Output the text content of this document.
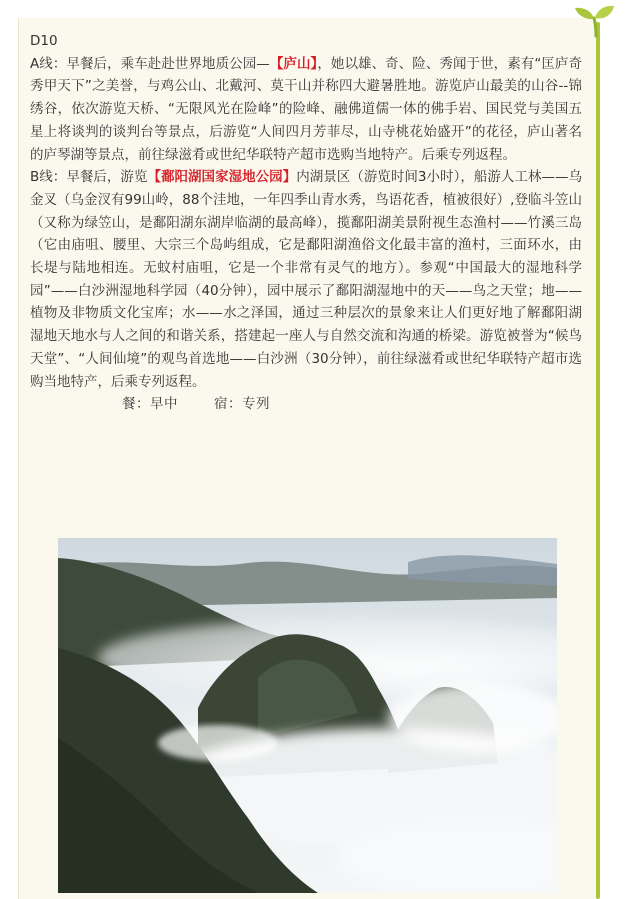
D10

A线：早餐后，乘车赴赴世界地质公园—【庐山】，她以雄、奇、险、秀闻于世，素有“匡庐奇秀甲天下”之美誉，与鸡公山、北戴河、莫干山并称四大避暑胜地。游览庐山最美的山谷--锦绣谷，依次游览天桥、“无限风光在险峰”的险峰、融佛道儒一体的佛手岩、国民党与美国五星上将谈判的谈判台等景点，后游览“人间四月芳菲尽，山寺桃花始盛开”的花径，庐山著名的庐琴湖等景点，前往绿滋肴或世纪华联特产超市选购当地特产。后乘专列返程。

B线：早餐后，游览【鄱阳湖国家湿地公园】内湖景区（游览时间3小时），船游人工林——乌金叉（乌金汊有99山岭，88个洼地，一年四季山青水秀，鸟语花香，植被很好）,登临斗笠山（又称为绿笠山，是鄱阳湖东湖岸临湖的最高峰），揽鄱阳湖美景附视生态渔村——竹溪三岛（它由庙咀、腰里、大宗三个岛屿组成，它是鄱阳湖渔俗文化最丰富的渔村，三面环水，由长堤与陆地相连。无蚊村庙咀，它是一个非常有灵气的地方）。参观“中国最大的湿地科学园”——白沙洲湿地科学园（40分钟），园中展示了鄱阳湖湿地中的天——鸟之天堂；地——植物及非物质文化宝库；水——水之泽国，通过三种层次的景象来让人们更好地了解鄱阳湖湿地天地水与人之间的和谐关系，搭建起一座人与自然交流和沟通的桥梁。游览被誉为“候鸟天堂”、“人间仙境”的观鸟首选地——白沙洲（30分钟），前往绿滋肴或世纪华联特产超市选购当地特产，后乘专列返程。

餐：早中	宿：专列
